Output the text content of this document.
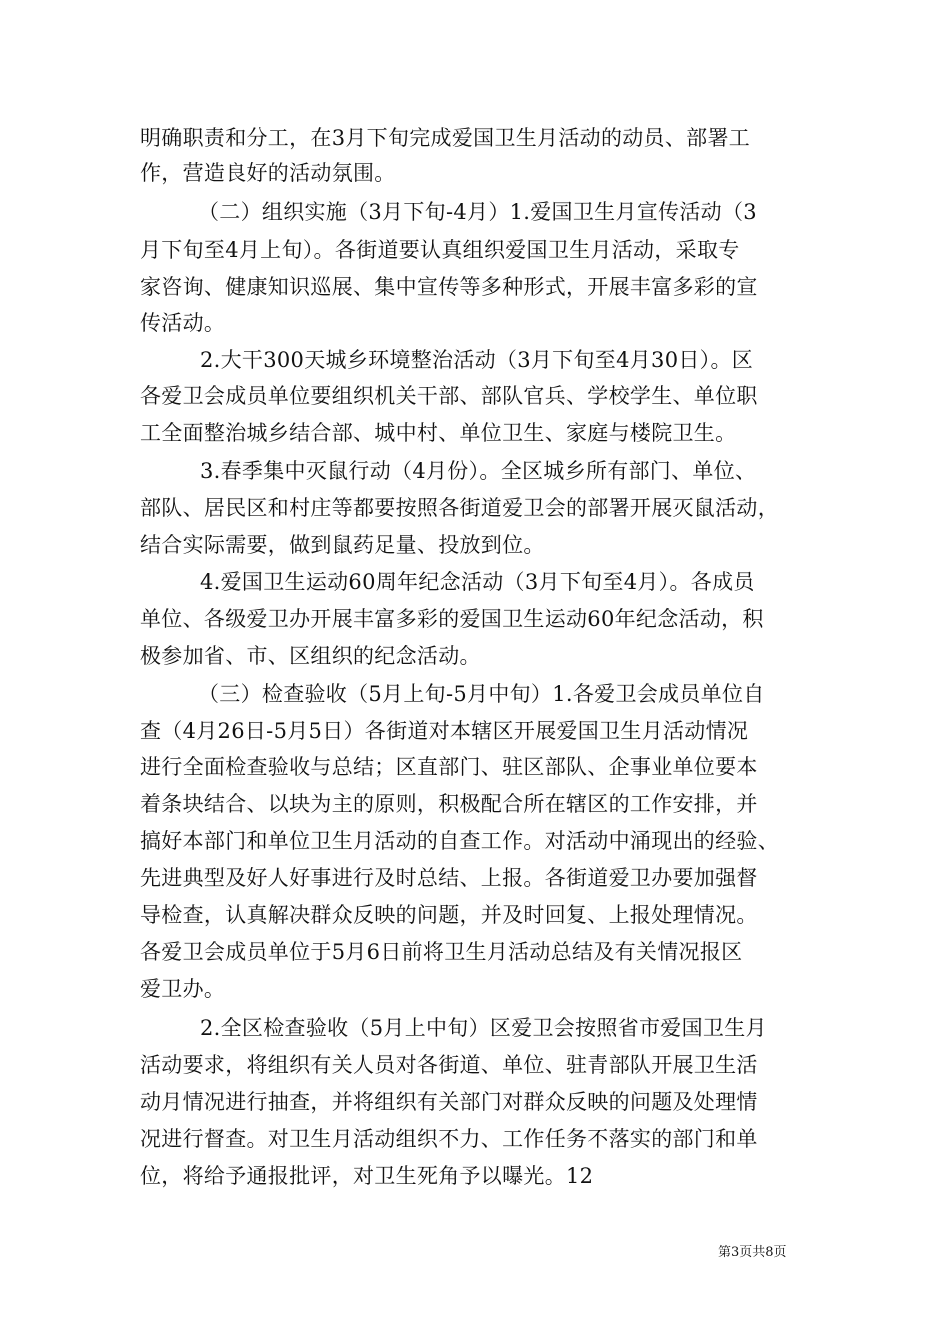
明确职责和分工，在3月下旬完成爱国卫生月活动的动员、部署工
作，营造良好的活动氛围。
（二）组织实施（3月下旬-4月）1.爱国卫生月宣传活动（3
月下旬至4月上旬）。各街道要认真组织爱国卫生月活动，采取专
家咨询、健康知识巡展、集中宣传等多种形式，开展丰富多彩的宣
传活动。
2.大干300天城乡环境整治活动（3月下旬至4月30日）。区
各爱卫会成员单位要组织机关干部、部队官兵、学校学生、单位职
工全面整治城乡结合部、城中村、单位卫生、家庭与楼院卫生。
3.春季集中灭鼠行动（4月份）。全区城乡所有部门、单位、
部队、居民区和村庄等都要按照各街道爱卫会的部署开展灭鼠活动，
结合实际需要，做到鼠药足量、投放到位。
4.爱国卫生运动60周年纪念活动（3月下旬至4月）。各成员
单位、各级爱卫办开展丰富多彩的爱国卫生运动60年纪念活动，积
极参加省、市、区组织的纪念活动。
（三）检查验收（5月上旬-5月中旬）1.各爱卫会成员单位自
查（4月26日-5月5日）各街道对本辖区开展爱国卫生月活动情况
进行全面检查验收与总结；区直部门、驻区部队、企事业单位要本
着条块结合、以块为主的原则，积极配合所在辖区的工作安排，并
搞好本部门和单位卫生月活动的自查工作。对活动中涌现出的经验、
先进典型及好人好事进行及时总结、上报。各街道爱卫办要加强督
导检查，认真解决群众反映的问题，并及时回复、上报处理情况。
各爱卫会成员单位于5月6日前将卫生月活动总结及有关情况报区
爱卫办。
2.全区检查验收（5月上中旬）区爱卫会按照省市爱国卫生月
活动要求，将组织有关人员对各街道、单位、驻青部队开展卫生活
动月情况进行抽查，并将组织有关部门对群众反映的问题及处理情
况进行督查。对卫生月活动组织不力、工作任务不落实的部门和单
位，将给予通报批评，对卫生死角予以曝光。12
第3页共8页
